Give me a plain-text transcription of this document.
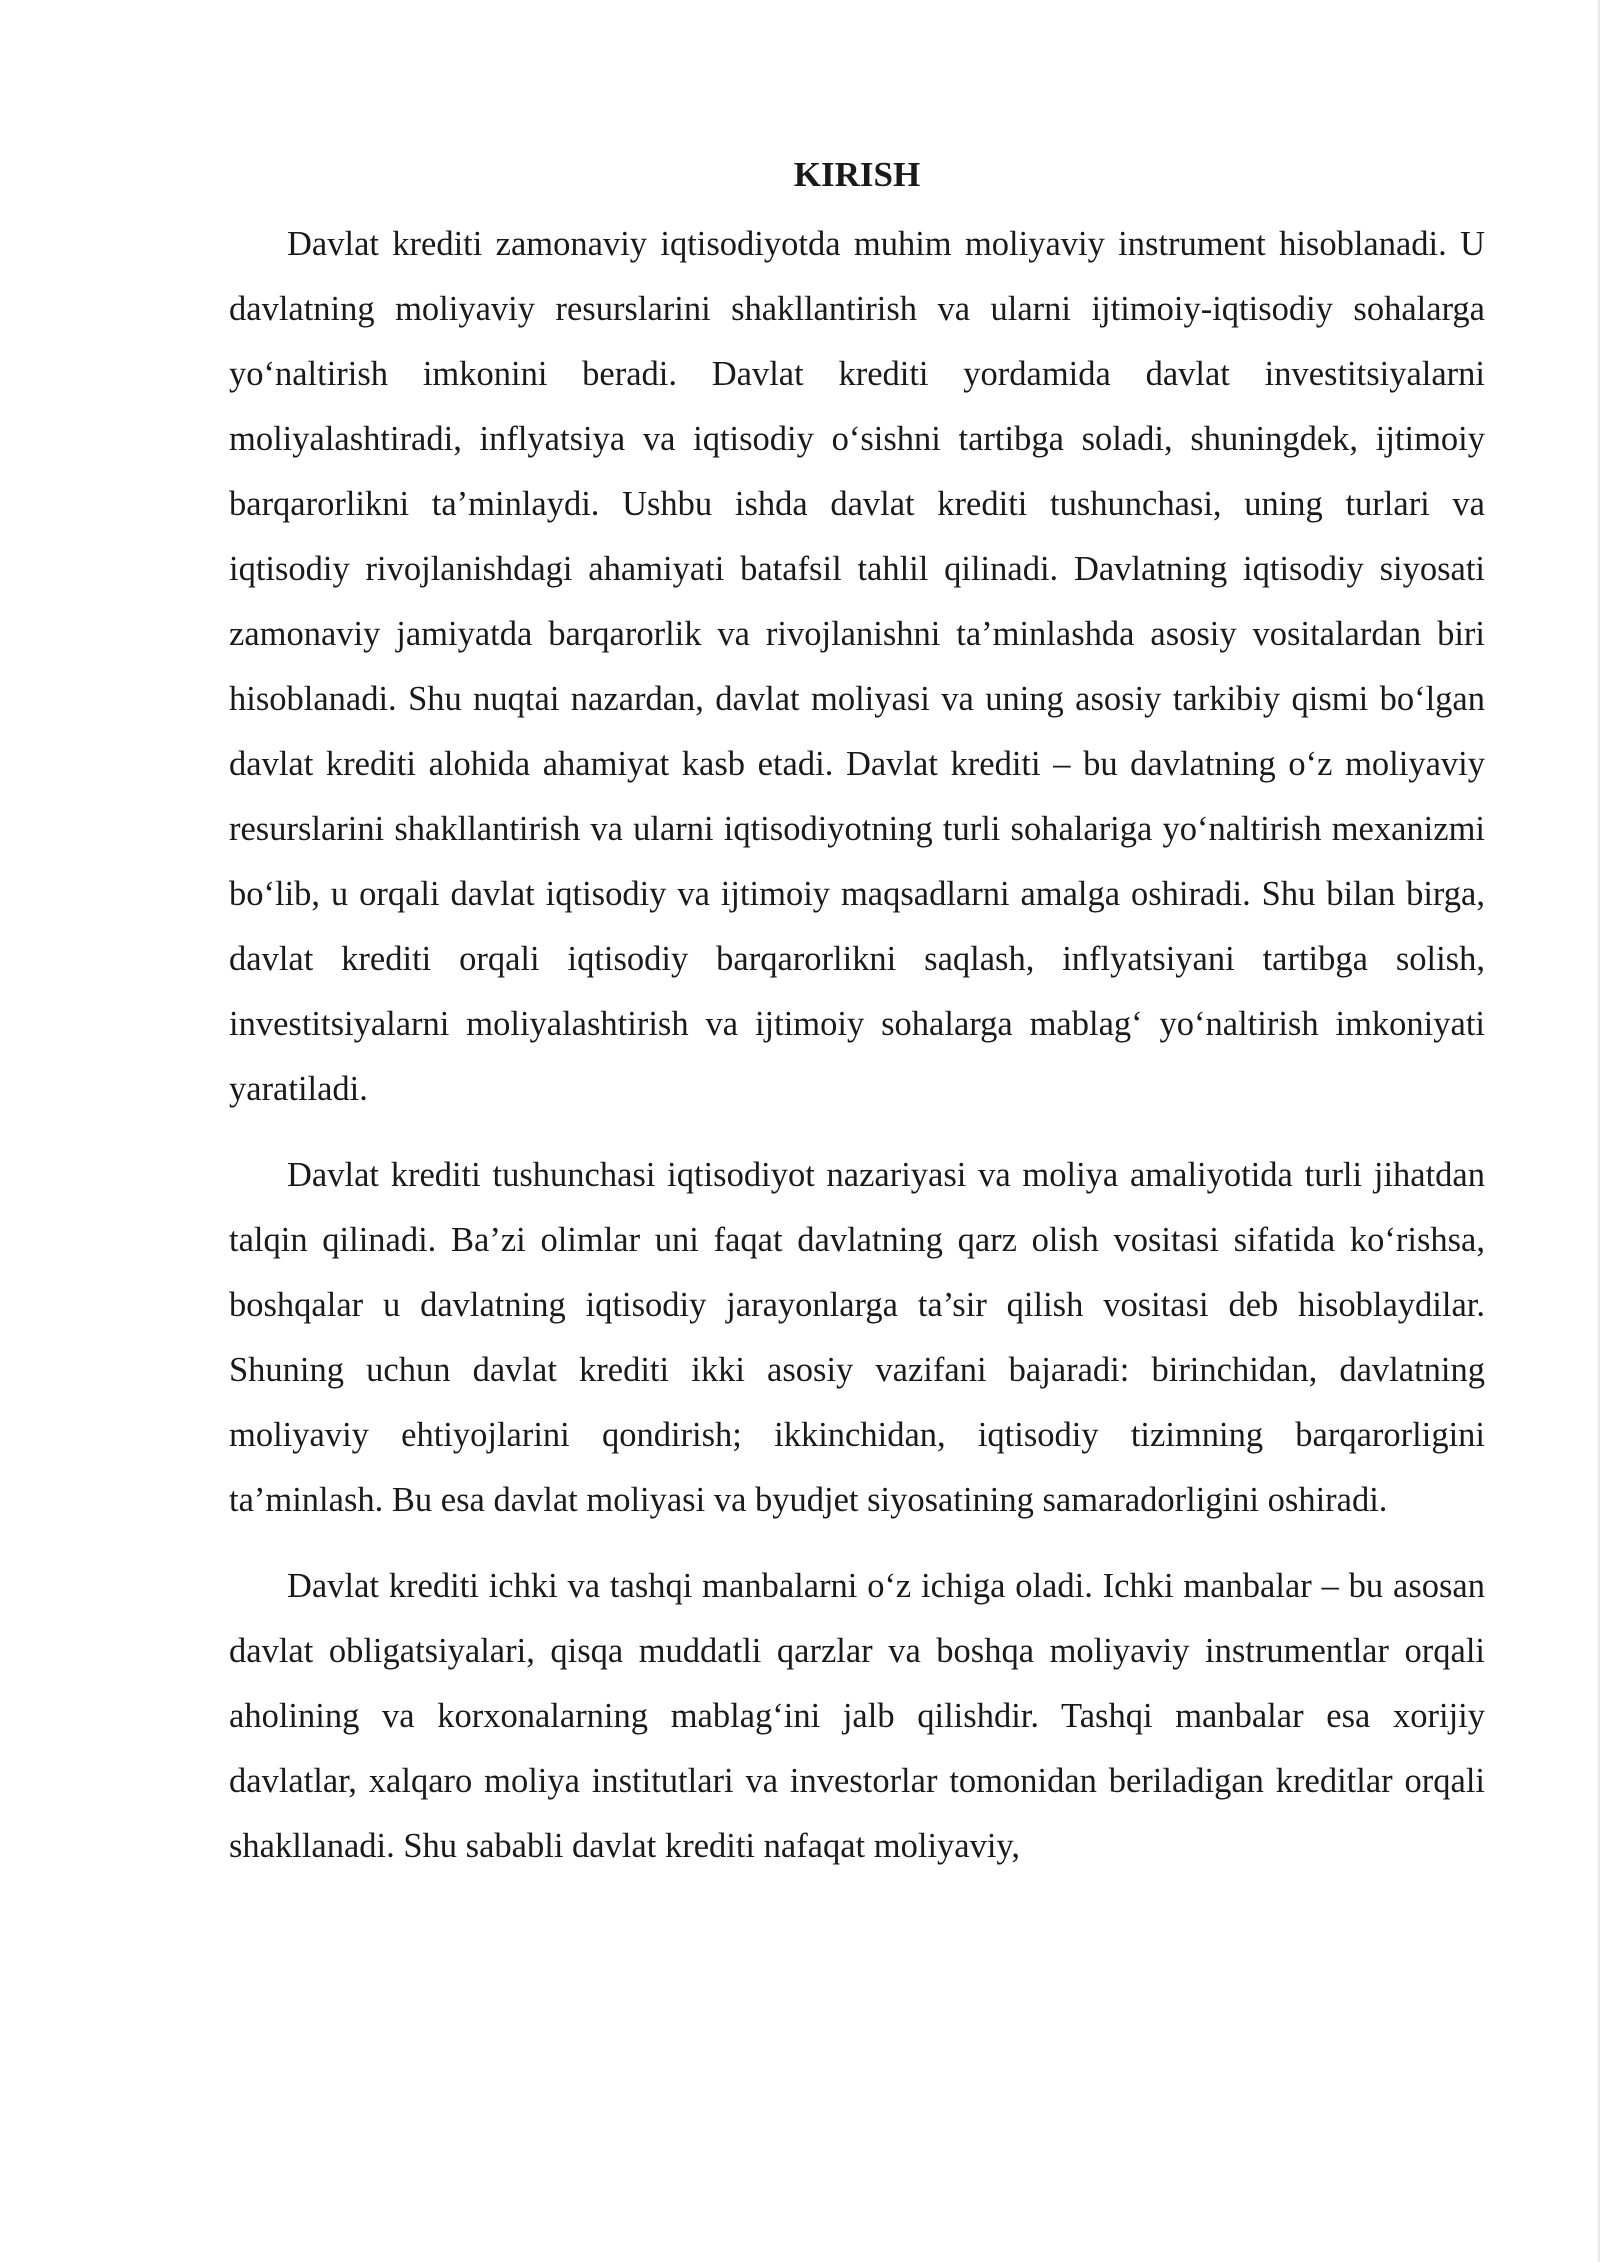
KIRISH

Davlat krediti zamonaviy iqtisodiyotda muhim moliyaviy instrument hisoblanadi. U davlatning moliyaviy resurslarini shakllantirish va ularni ijtimoiy-iqtisodiy sohalarga yo‘naltirish imkonini beradi. Davlat krediti yordamida davlat investitsiyalarni moliyalashtiradi, inflyatsiya va iqtisodiy o‘sishni tartibga soladi, shuningdek, ijtimoiy barqarorlikni ta’minlaydi. Ushbu ishda davlat krediti tushunchasi, uning turlari va iqtisodiy rivojlanishdagi ahamiyati batafsil tahlil qilinadi. Davlatning iqtisodiy siyosati zamonaviy jamiyatda barqarorlik va rivojlanishni ta’minlashda asosiy vositalardan biri hisoblanadi. Shu nuqtai nazardan, davlat moliyasi va uning asosiy tarkibiy qismi bo‘lgan davlat krediti alohida ahamiyat kasb etadi. Davlat krediti – bu davlatning o‘z moliyaviy resurslarini shakllantirish va ularni iqtisodiyotning turli sohalariga yo‘naltirish mexanizmi bo‘lib, u orqali davlat iqtisodiy va ijtimoiy maqsadlarni amalga oshiradi. Shu bilan birga, davlat krediti orqali iqtisodiy barqarorlikni saqlash, inflyatsiyani tartibga solish, investitsiyalarni moliyalashtirish va ijtimoiy sohalarga mablag‘ yo‘naltirish imkoniyati yaratiladi.

Davlat krediti tushunchasi iqtisodiyot nazariyasi va moliya amaliyotida turli jihatdan talqin qilinadi. Ba’zi olimlar uni faqat davlatning qarz olish vositasi sifatida ko‘rishsa, boshqalar u davlatning iqtisodiy jarayonlarga ta’sir qilish vositasi deb hisoblaydilar. Shuning uchun davlat krediti ikki asosiy vazifani bajaradi: birinchidan, davlatning moliyaviy ehtiyojlarini qondirish; ikkinchidan, iqtisodiy tizimning barqarorligini ta’minlash. Bu esa davlat moliyasi va byudjet siyosatining samaradorligini oshiradi.

Davlat krediti ichki va tashqi manbalarni o‘z ichiga oladi. Ichki manbalar – bu asosan davlat obligatsiyalari, qisqa muddatli qarzlar va boshqa moliyaviy instrumentlar orqali aholining va korxonalarning mablag‘ini jalb qilishdir. Tashqi manbalar esa xorijiy davlatlar, xalqaro moliya institutlari va investorlar tomonidan beriladigan kreditlar orqali shakllanadi. Shu sababli davlat krediti nafaqat moliyaviy,
